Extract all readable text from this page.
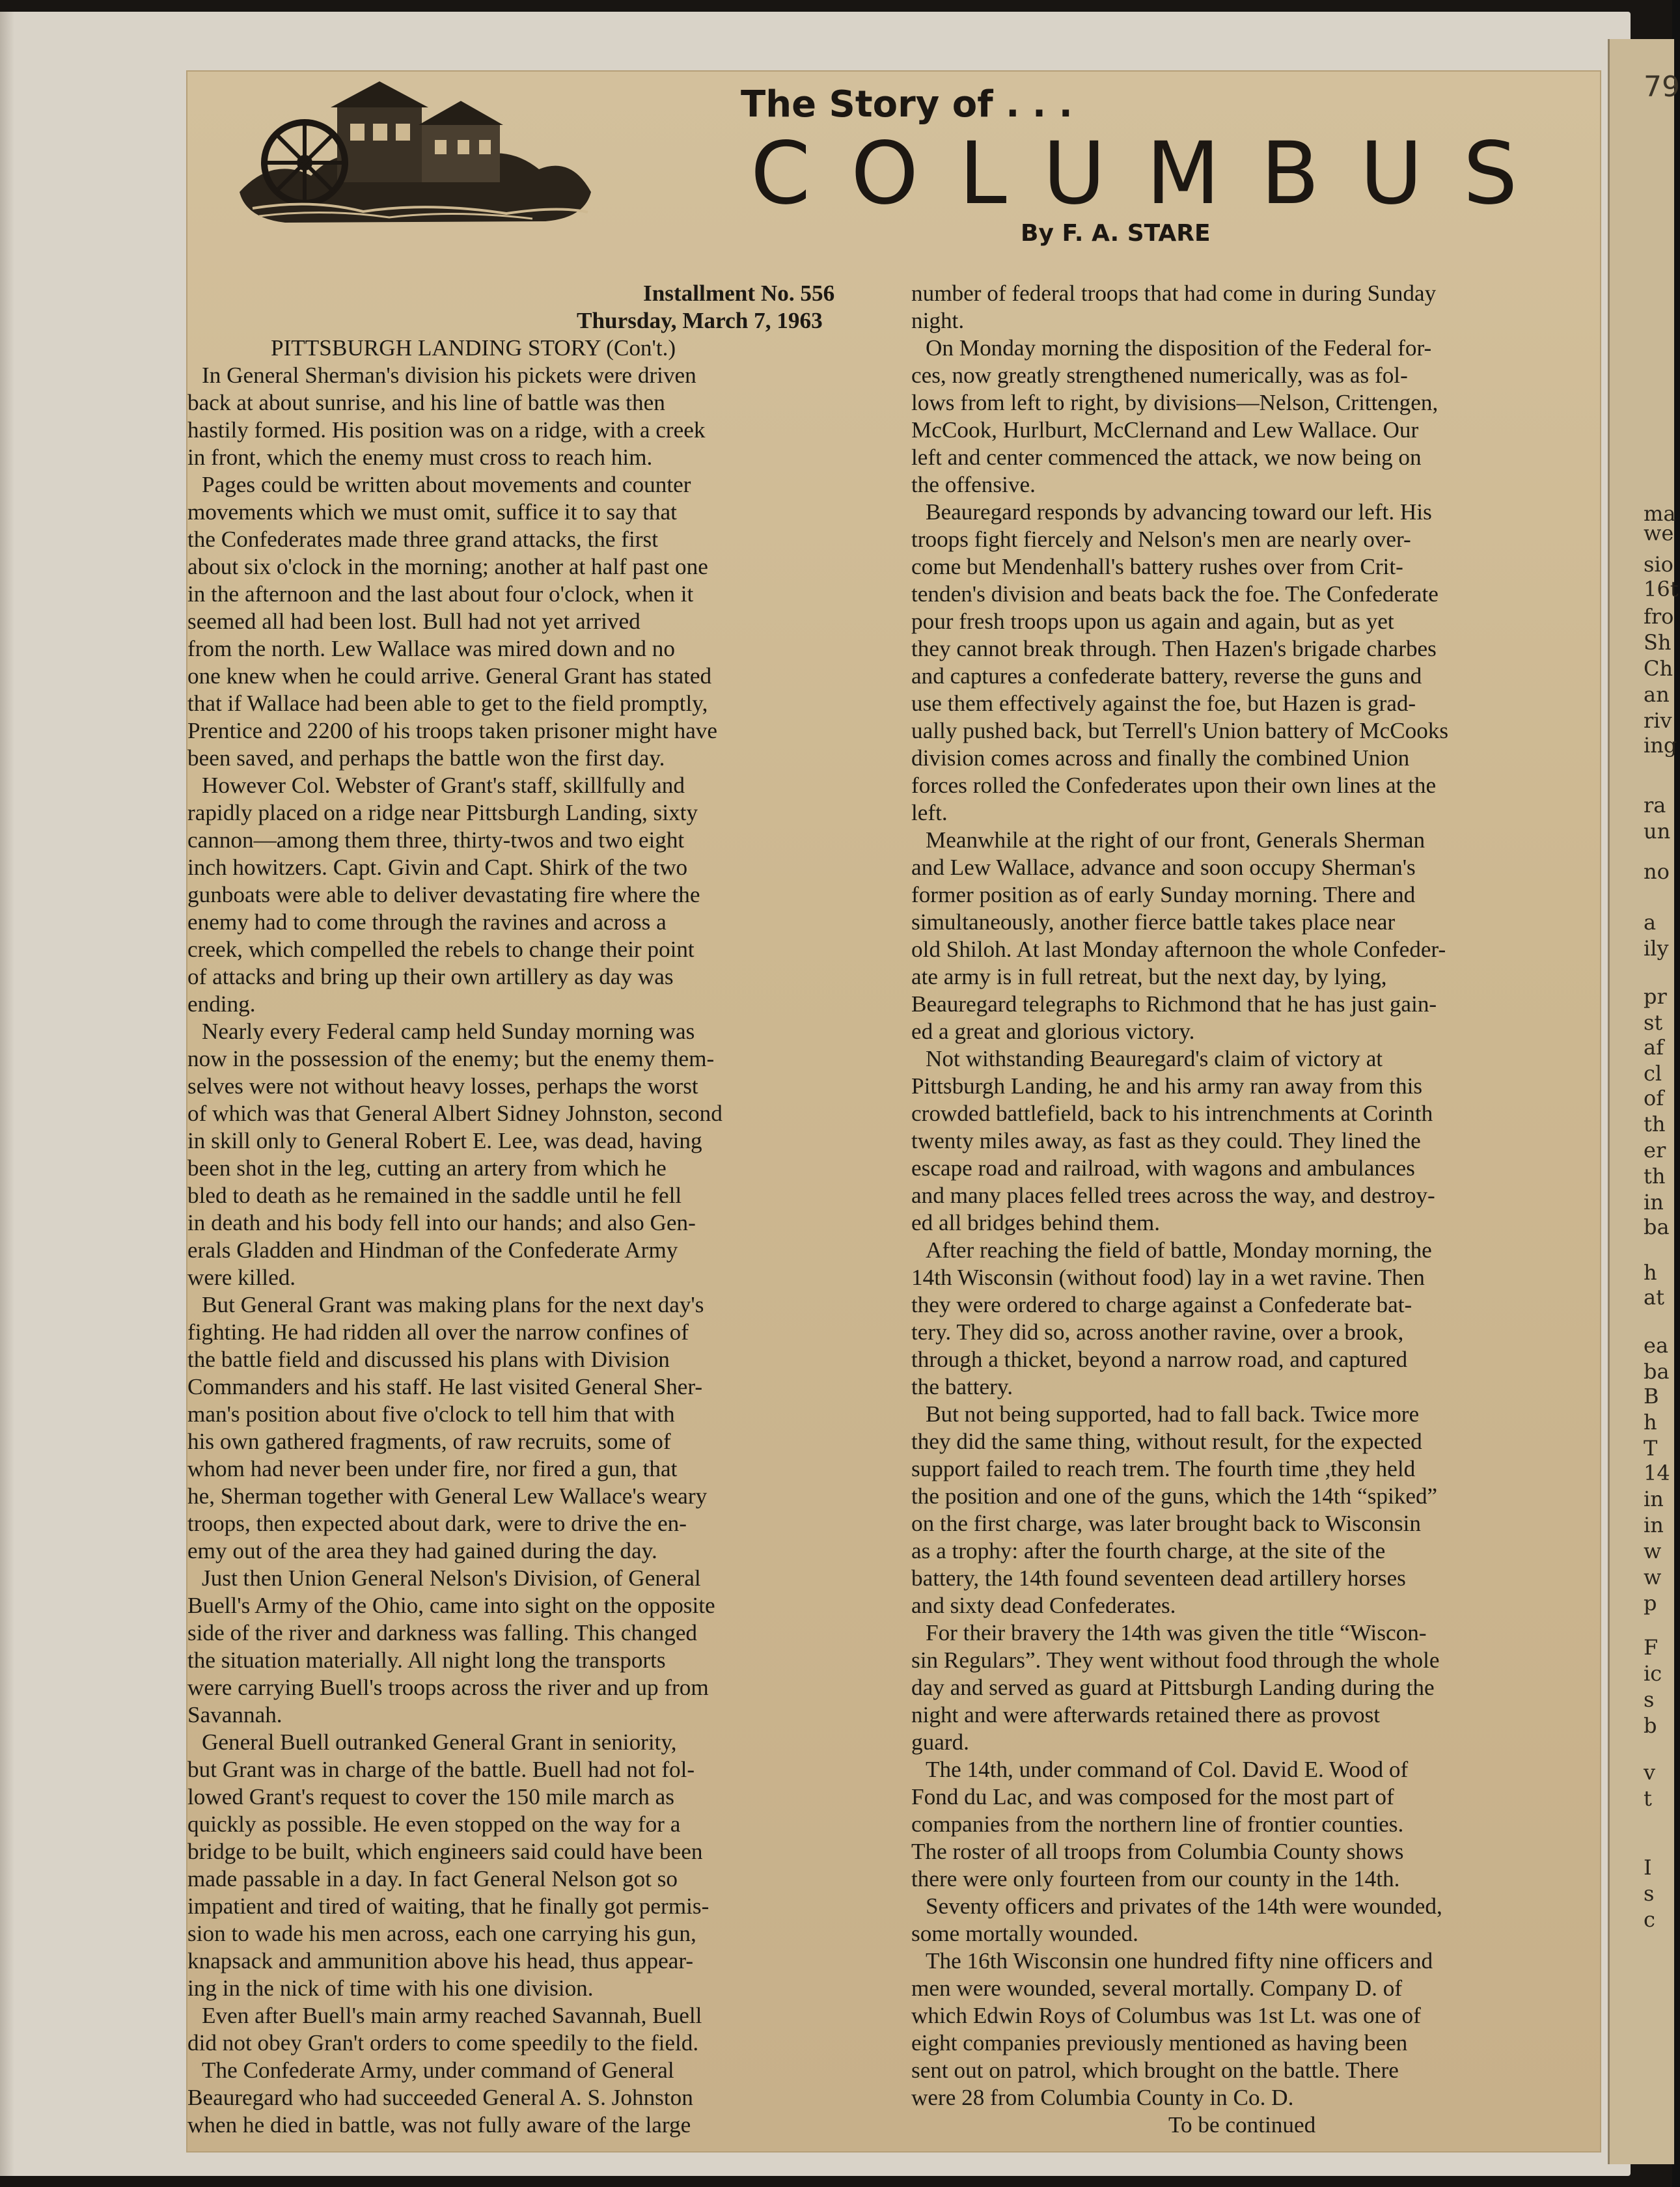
ma
we
sio
16t
fro
Sh
Ch
an
riv
ing
ra
un
no
a
ily
pr
st
af
cl
of
th
er
th
in
ba
h
at
ea
ba
B
h
T
14
in
in
w
w
p
F
ic
s
b
v
t
I
s
c
79
The Story of . . .
COLUMBUS
By F. A. STARE
Installment No. 556
Thursday, March 7, 1963
PITTSBURGH LANDING STORY (Con't.)
In General Sherman's division his pickets were driven
back at about sunrise, and his line of battle was then
hastily formed. His position was on a ridge, with a creek
in front, which the enemy must cross to reach him.
Pages could be written about movements and counter
movements which we must omit, suffice it to say that
the Confederates made three grand attacks, the first
about six o'clock in the morning; another at half past one
in the afternoon and the last about four o'clock, when it
seemed all had been lost. Bull had not yet arrived
from the north. Lew Wallace was mired down and no
one knew when he could arrive. General Grant has stated
that if Wallace had been able to get to the field promptly,
Prentice and 2200 of his troops taken prisoner might have
been saved, and perhaps the battle won the first day.
However Col. Webster of Grant's staff, skillfully and
rapidly placed on a ridge near Pittsburgh Landing, sixty
cannon—among them three, thirty-twos and two eight
inch howitzers. Capt. Givin and Capt. Shirk of the two
gunboats were able to deliver devastating fire where the
enemy had to come through the ravines and across a
creek, which compelled the rebels to change their point
of attacks and bring up their own artillery as day was
ending.
Nearly every Federal camp held Sunday morning was
now in the possession of the enemy; but the enemy them-
selves were not without heavy losses, perhaps the worst
of which was that General Albert Sidney Johnston, second
in skill only to General Robert E. Lee, was dead, having
been shot in the leg, cutting an artery from which he
bled to death as he remained in the saddle until he fell
in death and his body fell into our hands; and also Gen-
erals Gladden and Hindman of the Confederate Army
were killed.
But General Grant was making plans for the next day's
fighting. He had ridden all over the narrow confines of
the battle field and discussed his plans with Division
Commanders and his staff. He last visited General Sher-
man's position about five o'clock to tell him that with
his own gathered fragments, of raw recruits, some of
whom had never been under fire, nor fired a gun, that
he, Sherman together with General Lew Wallace's weary
troops, then expected about dark, were to drive the en-
emy out of the area they had gained during the day.
Just then Union General Nelson's Division, of General
Buell's Army of the Ohio, came into sight on the opposite
side of the river and darkness was falling. This changed
the situation materially. All night long the transports
were carrying Buell's troops across the river and up from
Savannah.
General Buell outranked General Grant in seniority,
but Grant was in charge of the battle. Buell had not fol-
lowed Grant's request to cover the 150 mile march as
quickly as possible. He even stopped on the way for a
bridge to be built, which engineers said could have been
made passable in a day. In fact General Nelson got so
impatient and tired of waiting, that he finally got permis-
sion to wade his men across, each one carrying his gun,
knapsack and ammunition above his head, thus appear-
ing in the nick of time with his one division.
Even after Buell's main army reached Savannah, Buell
did not obey Gran't orders to come speedily to the field.
The Confederate Army, under command of General
Beauregard who had succeeded General A. S. Johnston
when he died in battle, was not fully aware of the large
number of federal troops that had come in during Sunday
night.
On Monday morning the disposition of the Federal for-
ces, now greatly strengthened numerically, was as fol-
lows from left to right, by divisions—Nelson, Crittengen,
McCook, Hurlburt, McClernand and Lew Wallace. Our
left and center commenced the attack, we now being on
the offensive.
Beauregard responds by advancing toward our left. His
troops fight fiercely and Nelson's men are nearly over-
come but Mendenhall's battery rushes over from Crit-
tenden's division and beats back the foe. The Confederate
pour fresh troops upon us again and again, but as yet
they cannot break through. Then Hazen's brigade charbes
and captures a confederate battery, reverse the guns and
use them effectively against the foe, but Hazen is grad-
ually pushed back, but Terrell's Union battery of McCooks
division comes across and finally the combined Union
forces rolled the Confederates upon their own lines at the
left.
Meanwhile at the right of our front, Generals Sherman
and Lew Wallace, advance and soon occupy Sherman's
former position as of early Sunday morning. There and
simultaneously, another fierce battle takes place near
old Shiloh. At last Monday afternoon the whole Confeder-
ate army is in full retreat, but the next day, by lying,
Beauregard telegraphs to Richmond that he has just gain-
ed a great and glorious victory.
Not withstanding Beauregard's claim of victory at
Pittsburgh Landing, he and his army ran away from this
crowded battlefield, back to his intrenchments at Corinth
twenty miles away, as fast as they could. They lined the
escape road and railroad, with wagons and ambulances
and many places felled trees across the way, and destroy-
ed all bridges behind them.
After reaching the field of battle, Monday morning, the
14th Wisconsin (without food) lay in a wet ravine. Then
they were ordered to charge against a Confederate bat-
tery. They did so, across another ravine, over a brook,
through a thicket, beyond a narrow road, and captured
the battery.
But not being supported, had to fall back. Twice more
they did the same thing, without result, for the expected
support failed to reach trem. The fourth time ,they held
the position and one of the guns, which the 14th “spiked”
on the first charge, was later brought back to Wisconsin
as a trophy: after the fourth charge, at the site of the
battery, the 14th found seventeen dead artillery horses
and sixty dead Confederates.
For their bravery the 14th was given the title “Wiscon-
sin Regulars”. They went without food through the whole
day and served as guard at Pittsburgh Landing during the
night and were afterwards retained there as provost
guard.
The 14th, under command of Col. David E. Wood of
Fond du Lac, and was composed for the most part of
companies from the northern line of frontier counties.
The roster of all troops from Columbia County shows
there were only fourteen from our county in the 14th.
Seventy officers and privates of the 14th were wounded,
some mortally wounded.
The 16th Wisconsin one hundred fifty nine officers and
men were wounded, several mortally. Company D. of
which Edwin Roys of Columbus was 1st Lt. was one of
eight companies previously mentioned as having been
sent out on patrol, which brought on the battle. There
were 28 from Columbia County in Co. D.
To be continued
